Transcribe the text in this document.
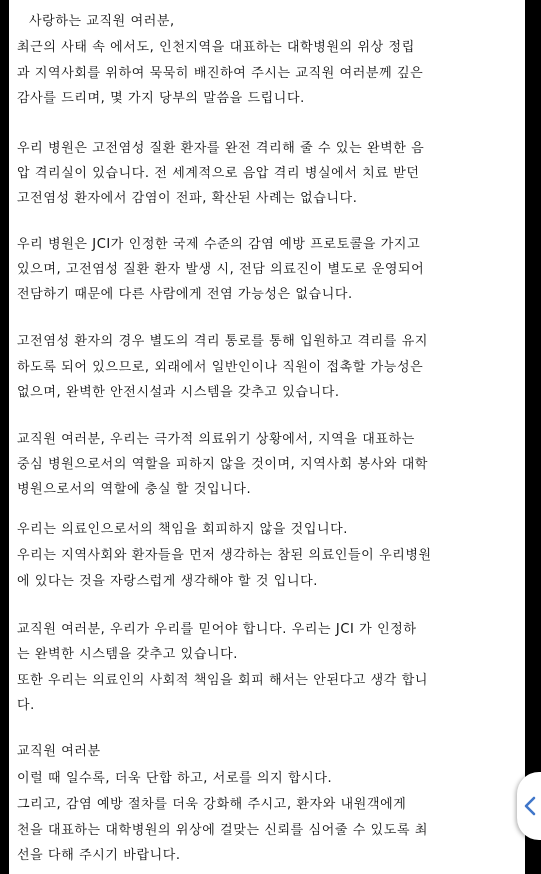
사랑하는 교직원 여러분,
최근의 사태 속 에서도, 인천지역을 대표하는 대학병원의 위상 정립
과 지역사회를 위하여 묵묵히 배진하여 주시는 교직원 여러분께 깊은
감사를 드리며, 몇 가지 당부의 말씀을 드립니다.
우리 병원은 고전염성 질환 환자를 완전 격리해 줄 수 있는 완벽한 음
압 격리실이 있습니다. 전 세계적으로 음압 격리 병실에서 치료 받던
고전염성 환자에서 감염이 전파, 확산된 사례는 없습니다.
우리 병원은 JCI가 인정한 국제 수준의 감염 예방 프로토콜을 가지고
있으며, 고전염성 질환 환자 발생 시, 전담 의료진이 별도로 운영되어
전담하기 때문에 다른 사람에게 전염 가능성은 없습니다.
고전염성 환자의 경우 별도의 격리 통로를 통해 입원하고 격리를 유지
하도록 되어 있으므로, 외래에서 일반인이나 직원이 접촉할 가능성은
없으며, 완벽한 안전시설과 시스템을 갖추고 있습니다.
교직원 여러분, 우리는 극가적 의료위기 상황에서, 지역을 대표하는
중심 병원으로서의 역할을 피하지 않을 것이며, 지역사회 봉사와 대학
병원으로서의 역할에 충실 할 것입니다.
우리는 의료인으로서의 책임을 회피하지 않을 것입니다.
우리는 지역사회와 환자들을 먼저 생각하는 참된 의료인들이 우리병원
에 있다는 것을 자랑스럽게 생각해야 할 것 입니다.
교직원 여러분, 우리가 우리를 믿어야 합니다. 우리는 JCI 가 인정하
는 완벽한 시스템을 갖추고 있습니다.
또한 우리는 의료인의 사회적 책임을 회피 해서는 안된다고 생각 합니
다.
교직원 여러분
이럴 때 일수록, 더욱 단합 하고, 서로를 의지 합시다.
그리고, 감염 예방 절차를 더욱 강화해 주시고, 환자와 내원객에게
천을 대표하는 대학병원의 위상에 걸맞는 신뢰를 심어줄 수 있도록 최
선을 다해 주시기 바랍니다.
